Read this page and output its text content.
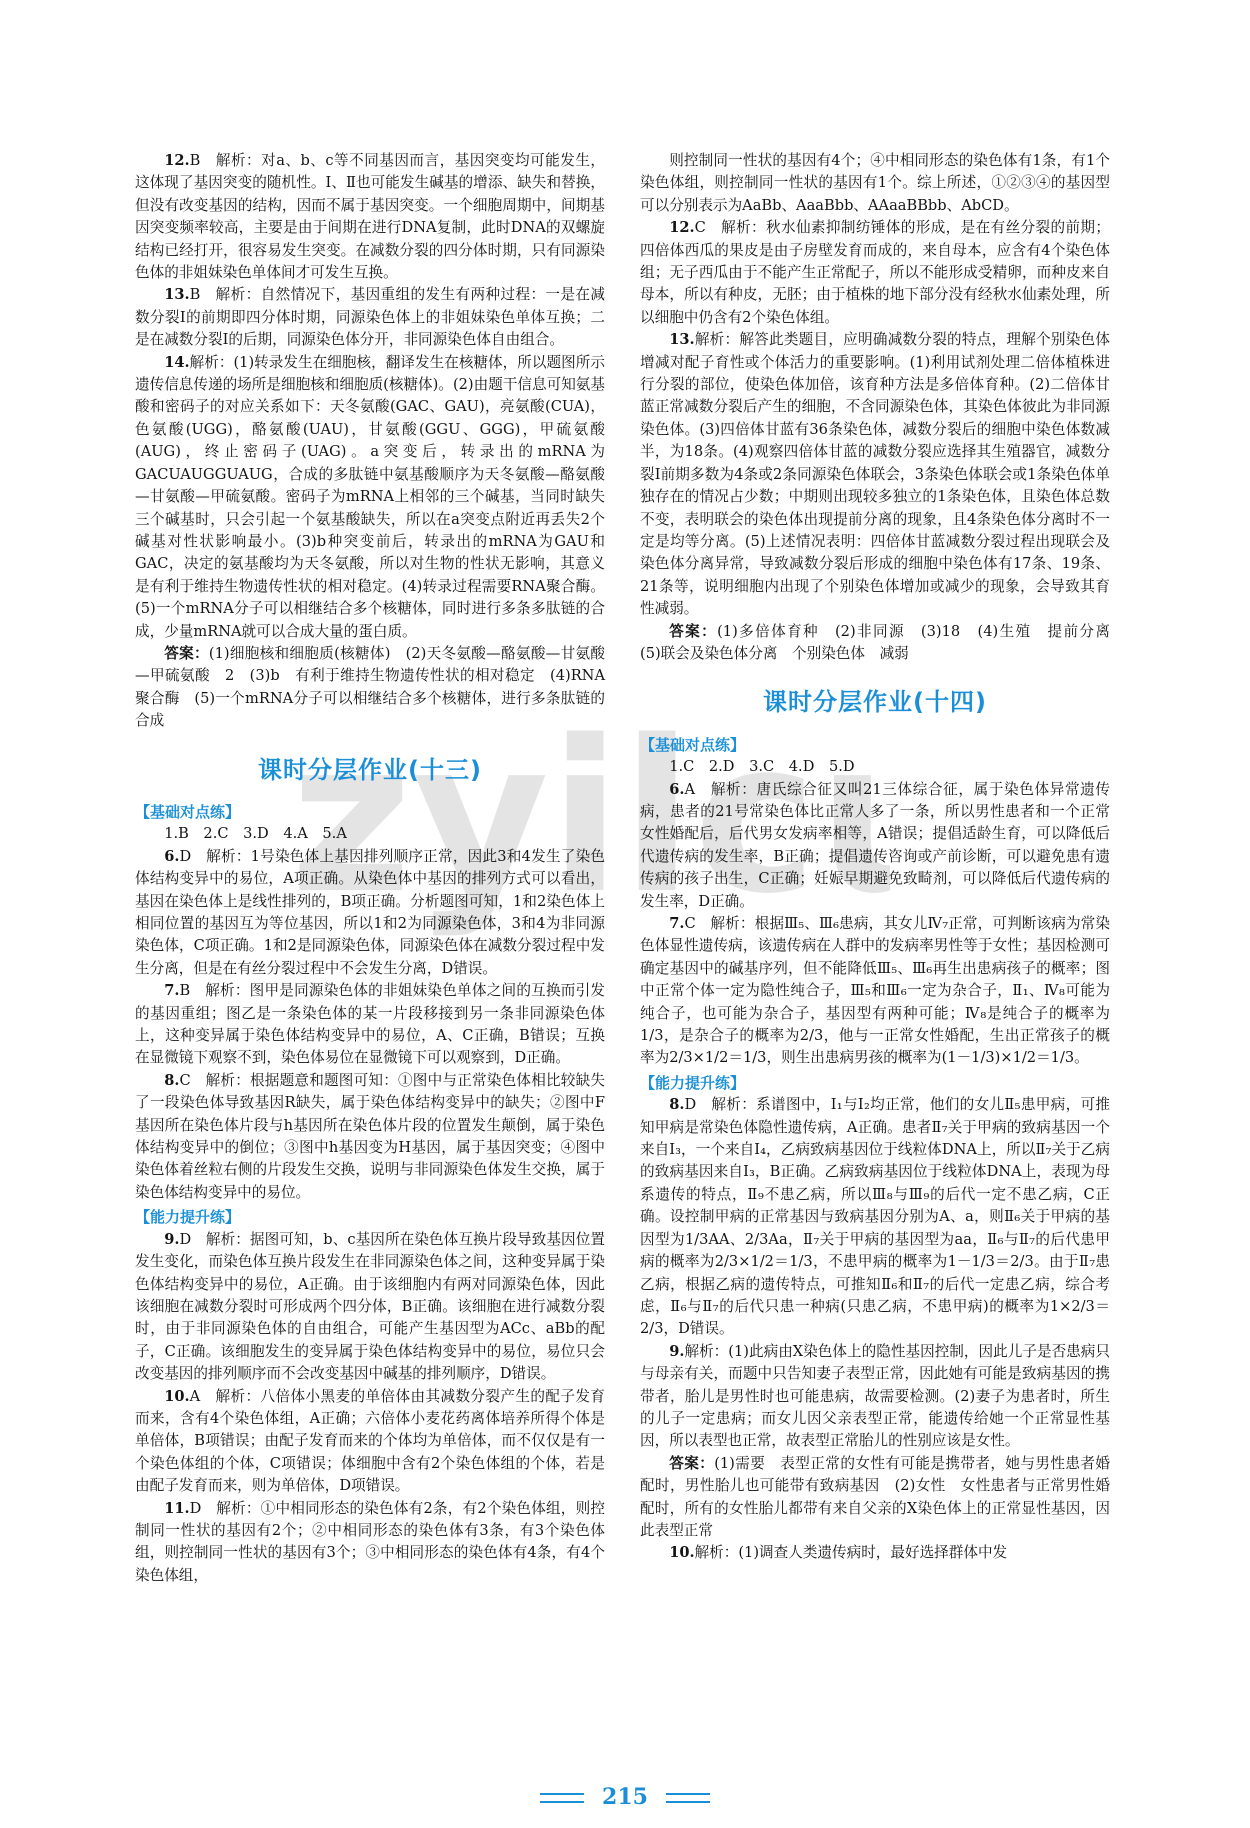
zyilc

12.B　解析：对a、b、c等不同基因而言，基因突变均可能发生，这体现了基因突变的随机性。Ⅰ、Ⅱ也可能发生碱基的增添、缺失和替换，但没有改变基因的结构，因而不属于基因突变。一个细胞周期中，间期基因突变频率较高，主要是由于间期在进行DNA复制，此时DNA的双螺旋结构已经打开，很容易发生突变。在减数分裂的四分体时期，只有同源染色体的非姐妹染色单体间才可发生互换。

13.B　解析：自然情况下，基因重组的发生有两种过程：一是在减数分裂Ⅰ的前期即四分体时期，同源染色体上的非姐妹染色单体互换；二是在减数分裂Ⅰ的后期，同源染色体分开，非同源染色体自由组合。

14.解析：(1)转录发生在细胞核，翻译发生在核糖体，所以题图所示遗传信息传递的场所是细胞核和细胞质(核糖体)。(2)由题干信息可知氨基酸和密码子的对应关系如下：天冬氨酸(GAC、GAU)，亮氨酸(CUA)，色氨酸(UGG)，酪氨酸(UAU)，甘氨酸(GGU、GGG)，甲硫氨酸(AUG)，终止密码子(UAG)。a突变后，转录出的mRNA为GACUAUGGUAUG，合成的多肽链中氨基酸顺序为天冬氨酸—酪氨酸—甘氨酸—甲硫氨酸。密码子为mRNA上相邻的三个碱基，当同时缺失三个碱基时，只会引起一个氨基酸缺失，所以在a突变点附近再丢失2个碱基对性状影响最小。(3)b种突变前后，转录出的mRNA为GAU和GAC，决定的氨基酸均为天冬氨酸，所以对生物的性状无影响，其意义是有利于维持生物遗传性状的相对稳定。(4)转录过程需要RNA聚合酶。(5)一个mRNA分子可以相继结合多个核糖体，同时进行多条多肽链的合成，少量mRNA就可以合成大量的蛋白质。

答案：(1)细胞核和细胞质(核糖体)　(2)天冬氨酸—酪氨酸—甘氨酸—甲硫氨酸　2　(3)b　有利于维持生物遗传性状的相对稳定　(4)RNA聚合酶　(5)一个mRNA分子可以相继结合多个核糖体，进行多条肽链的合成

课时分层作业(十三)
【基础对点练】

1.B　2.C　3.D　4.A　5.A

6.D　解析：1号染色体上基因排列顺序正常，因此3和4发生了染色体结构变异中的易位，A项正确。从染色体中基因的排列方式可以看出，基因在染色体上是线性排列的，B项正确。分析题图可知，1和2染色体上相同位置的基因互为等位基因，所以1和2为同源染色体，3和4为非同源染色体，C项正确。1和2是同源染色体，同源染色体在减数分裂过程中发生分离，但是在有丝分裂过程中不会发生分离，D错误。

7.B　解析：图甲是同源染色体的非姐妹染色单体之间的互换而引发的基因重组；图乙是一条染色体的某一片段移接到另一条非同源染色体上，这种变异属于染色体结构变异中的易位，A、C正确，B错误；互换在显微镜下观察不到，染色体易位在显微镜下可以观察到，D正确。

8.C　解析：根据题意和题图可知：①图中与正常染色体相比较缺失了一段染色体导致基因R缺失，属于染色体结构变异中的缺失；②图中F基因所在染色体片段与h基因所在染色体片段的位置发生颠倒，属于染色体结构变异中的倒位；③图中h基因变为H基因，属于基因突变；④图中染色体着丝粒右侧的片段发生交换，说明与非同源染色体发生交换，属于染色体结构变异中的易位。

【能力提升练】

9.D　解析：据图可知，b、c基因所在染色体互换片段导致基因位置发生变化，而染色体互换片段发生在非同源染色体之间，这种变异属于染色体结构变异中的易位，A正确。由于该细胞内有两对同源染色体，因此该细胞在减数分裂时可形成两个四分体，B正确。该细胞在进行减数分裂时，由于非同源染色体的自由组合，可能产生基因型为ACc、aBb的配子，C正确。该细胞发生的变异属于染色体结构变异中的易位，易位只会改变基因的排列顺序而不会改变基因中碱基的排列顺序，D错误。

10.A　解析：八倍体小黑麦的单倍体由其减数分裂产生的配子发育而来，含有4个染色体组，A正确；六倍体小麦花药离体培养所得个体是单倍体，B项错误；由配子发育而来的个体均为单倍体，而不仅仅是有一个染色体组的个体，C项错误；体细胞中含有2个染色体组的个体，若是由配子发育而来，则为单倍体，D项错误。

11.D　解析：①中相同形态的染色体有2条，有2个染色体组，则控制同一性状的基因有2个；②中相同形态的染色体有3条，有3个染色体组，则控制同一性状的基因有3个；③中相同形态的染色体有4条，有4个染色体组，

则控制同一性状的基因有4个；④中相同形态的染色体有1条，有1个染色体组，则控制同一性状的基因有1个。综上所述，①②③④的基因型可以分别表示为AaBb、AaaBbb、AAaaBBbb、AbCD。

12.C　解析：秋水仙素抑制纺锤体的形成，是在有丝分裂的前期；四倍体西瓜的果皮是由子房壁发育而成的，来自母本，应含有4个染色体组；无子西瓜由于不能产生正常配子，所以不能形成受精卵，而种皮来自母本，所以有种皮，无胚；由于植株的地下部分没有经秋水仙素处理，所以细胞中仍含有2个染色体组。

13.解析：解答此类题目，应明确减数分裂的特点，理解个别染色体增减对配子育性或个体活力的重要影响。(1)利用试剂处理二倍体植株进行分裂的部位，使染色体加倍，该育种方法是多倍体育种。(2)二倍体甘蓝正常减数分裂后产生的细胞，不含同源染色体，其染色体彼此为非同源染色体。(3)四倍体甘蓝有36条染色体，减数分裂后的细胞中染色体数减半，为18条。(4)观察四倍体甘蓝的减数分裂应选择其生殖器官，减数分裂Ⅰ前期多数为4条或2条同源染色体联会，3条染色体联会或1条染色体单独存在的情况占少数；中期则出现较多独立的1条染色体，且染色体总数不变，表明联会的染色体出现提前分离的现象，且4条染色体分离时不一定是均等分离。(5)上述情况表明：四倍体甘蓝减数分裂过程出现联会及染色体分离异常，导致减数分裂后形成的细胞中染色体有17条、19条、21条等，说明细胞内出现了个别染色体增加或减少的现象，会导致其育性减弱。

答案：(1)多倍体育种　(2)非同源　(3)18　(4)生殖　提前分离　(5)联会及染色体分离　个别染色体　减弱

课时分层作业(十四)
【基础对点练】

1.C　2.D　3.C　4.D　5.D

6.A　解析：唐氏综合征又叫21三体综合征，属于染色体异常遗传病，患者的21号常染色体比正常人多了一条，所以男性患者和一个正常女性婚配后，后代男女发病率相等，A错误；提倡适龄生育，可以降低后代遗传病的发生率，B正确；提倡遗传咨询或产前诊断，可以避免患有遗传病的孩子出生，C正确；妊娠早期避免致畸剂，可以降低后代遗传病的发生率，D正确。

7.C　解析：根据Ⅲ₅、Ⅲ₆患病，其女儿Ⅳ₇正常，可判断该病为常染色体显性遗传病，该遗传病在人群中的发病率男性等于女性；基因检测可确定基因中的碱基序列，但不能降低Ⅲ₅、Ⅲ₆再生出患病孩子的概率；图中正常个体一定为隐性纯合子，Ⅲ₅和Ⅲ₆一定为杂合子，Ⅱ₁、Ⅳ₈可能为纯合子，也可能为杂合子，基因型有两种可能；Ⅳ₈是纯合子的概率为1/3，是杂合子的概率为2/3，他与一正常女性婚配，生出正常孩子的概率为2/3×1/2＝1/3，则生出患病男孩的概率为(1－1/3)×1/2＝1/3。

【能力提升练】

8.D　解析：系谱图中，Ⅰ₁与Ⅰ₂均正常，他们的女儿Ⅱ₅患甲病，可推知甲病是常染色体隐性遗传病，A正确。患者Ⅱ₇关于甲病的致病基因一个来自Ⅰ₃，一个来自Ⅰ₄，乙病致病基因位于线粒体DNA上，所以Ⅱ₇关于乙病的致病基因来自Ⅰ₃，B正确。乙病致病基因位于线粒体DNA上，表现为母系遗传的特点，Ⅱ₉不患乙病，所以Ⅲ₈与Ⅲ₉的后代一定不患乙病，C正确。设控制甲病的正常基因与致病基因分别为A、a，则Ⅱ₆关于甲病的基因型为1/3AA、2/3Aa，Ⅱ₇关于甲病的基因型为aa，Ⅱ₆与Ⅱ₇的后代患甲病的概率为2/3×1/2＝1/3，不患甲病的概率为1－1/3＝2/3。由于Ⅱ₇患乙病，根据乙病的遗传特点，可推知Ⅱ₆和Ⅱ₇的后代一定患乙病，综合考虑，Ⅱ₆与Ⅱ₇的后代只患一种病(只患乙病，不患甲病)的概率为1×2/3＝2/3，D错误。

9.解析：(1)此病由X染色体上的隐性基因控制，因此儿子是否患病只与母亲有关，而题中只告知妻子表型正常，因此她有可能是致病基因的携带者，胎儿是男性时也可能患病，故需要检测。(2)妻子为患者时，所生的儿子一定患病；而女儿因父亲表型正常，能遗传给她一个正常显性基因，所以表型也正常，故表型正常胎儿的性别应该是女性。

答案：(1)需要　表型正常的女性有可能是携带者，她与男性患者婚配时，男性胎儿也可能带有致病基因　(2)女性　女性患者与正常男性婚配时，所有的女性胎儿都带有来自父亲的X染色体上的正常显性基因，因此表型正常

10.解析：(1)调查人类遗传病时，最好选择群体中发

215
